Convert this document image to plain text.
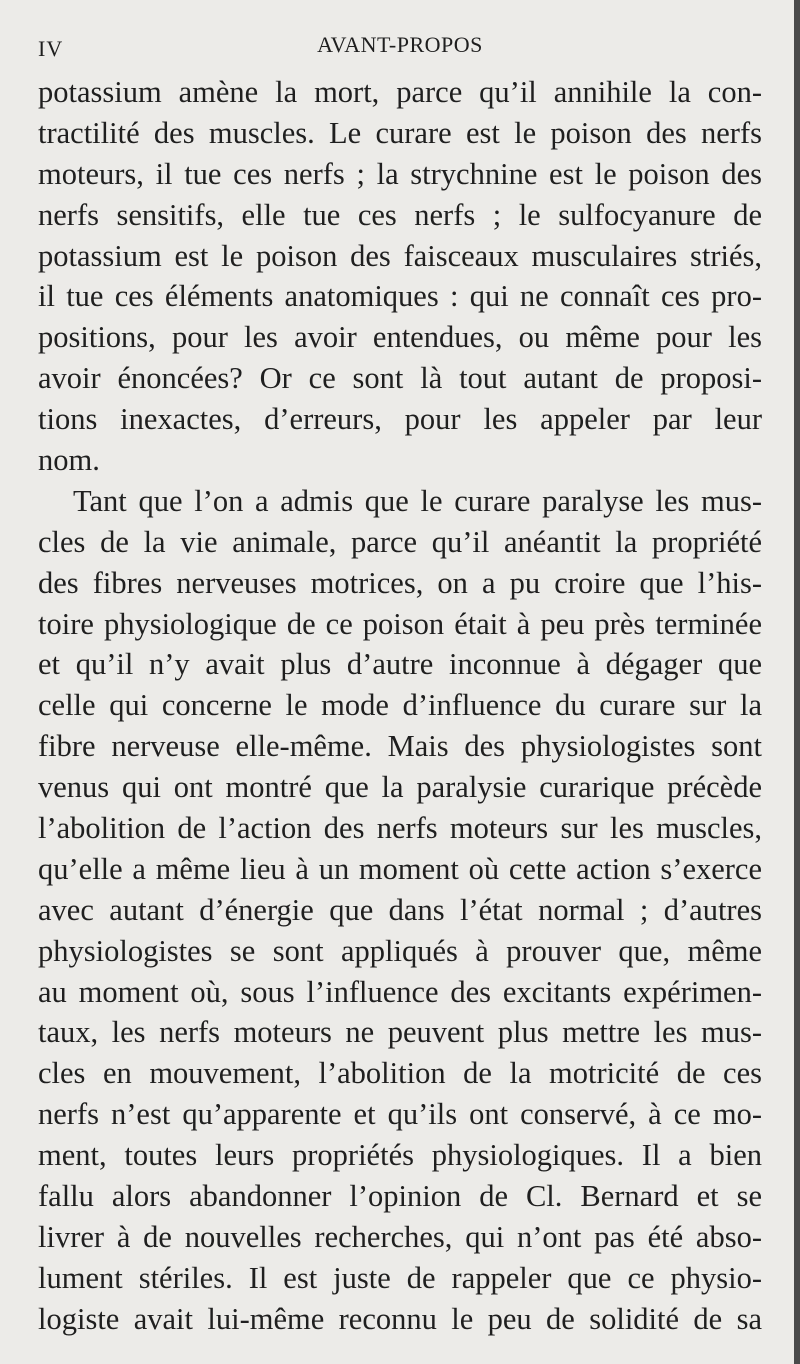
IV	AVANT-PROPOS
potassium amène la mort, parce qu’il annihile la con-
tractilité des muscles. Le curare est le poison des nerfs
moteurs, il tue ces nerfs ; la strychnine est le poison des
nerfs sensitifs, elle tue ces nerfs ; le sulfocyanure de
potassium est le poison des faisceaux musculaires striés,
il tue ces éléments anatomiques : qui ne connaît ces pro-
positions, pour les avoir entendues, ou même pour les
avoir énoncées? Or ce sont là tout autant de proposi-
tions inexactes, d’erreurs, pour les appeler par leur
nom.
Tant que l’on a admis que le curare paralyse les mus-
cles de la vie animale, parce qu’il anéantit la propriété
des fibres nerveuses motrices, on a pu croire que l’his-
toire physiologique de ce poison était à peu près terminée
et qu’il n’y avait plus d’autre inconnue à dégager que
celle qui concerne le mode d’influence du curare sur la
fibre nerveuse elle-même. Mais des physiologistes sont
venus qui ont montré que la paralysie curarique précède
l’abolition de l’action des nerfs moteurs sur les muscles,
qu’elle a même lieu à un moment où cette action s’exerce
avec autant d’énergie que dans l’état normal ; d’autres
physiologistes se sont appliqués à prouver que, même
au moment où, sous l’influence des excitants expérimen-
taux, les nerfs moteurs ne peuvent plus mettre les mus-
cles en mouvement, l’abolition de la motricité de ces
nerfs n’est qu’apparente et qu’ils ont conservé, à ce mo-
ment, toutes leurs propriétés physiologiques. Il a bien
fallu alors abandonner l’opinion de Cl. Bernard et se
livrer à de nouvelles recherches, qui n’ont pas été abso-
lument stériles. Il est juste de rappeler que ce physio-
logiste avait lui-même reconnu le peu de solidité de sa
